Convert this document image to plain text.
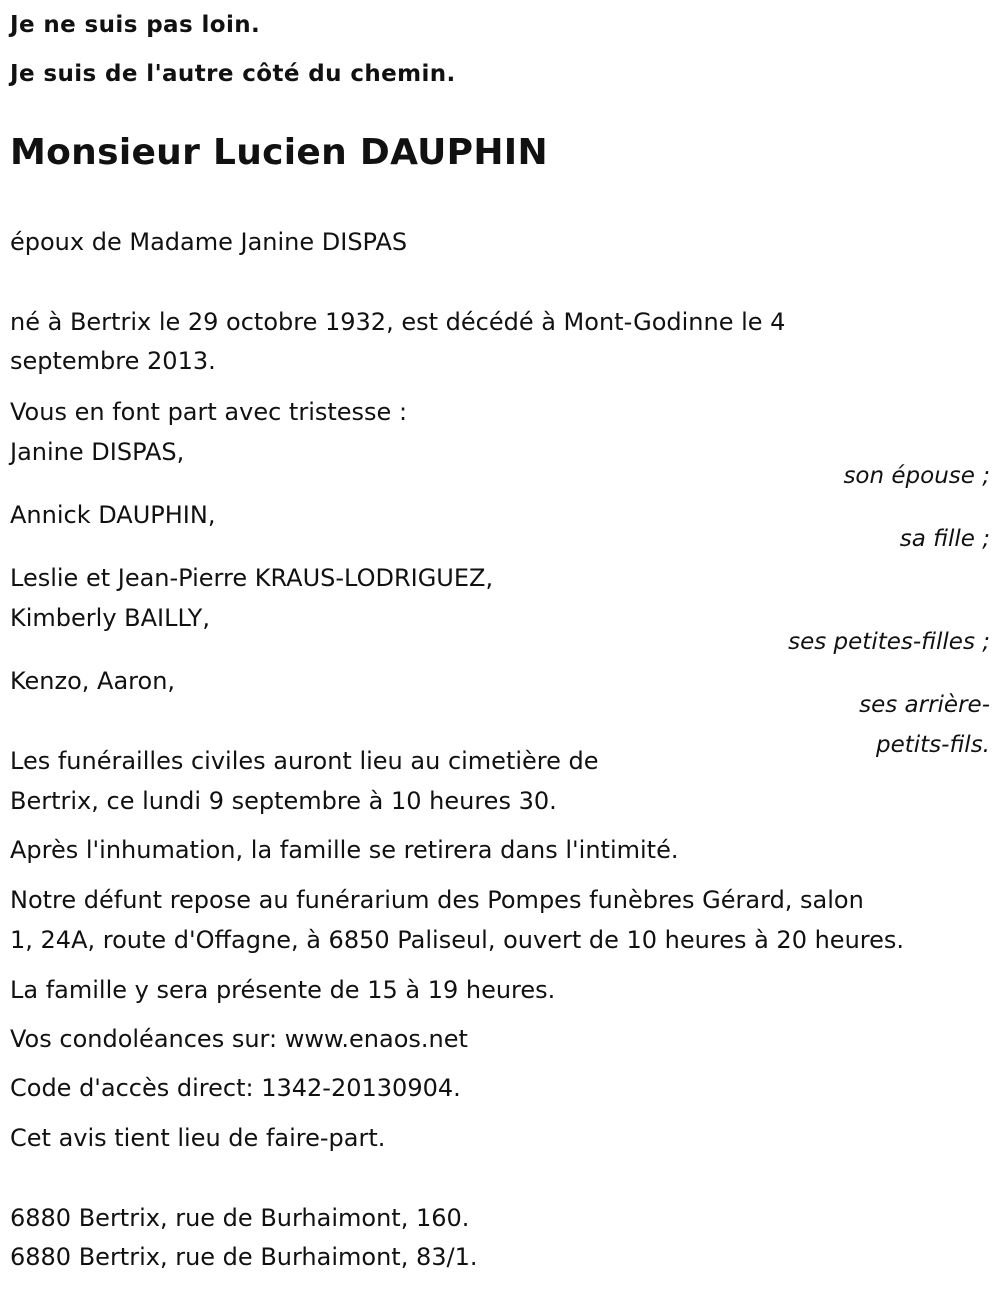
Je ne suis pas loin.
Je suis de l'autre côté du chemin.
Monsieur Lucien DAUPHIN
époux de Madame Janine DISPAS
né à Bertrix le 29 octobre 1932, est décédé à Mont-Godinne le 4
septembre 2013.
Vous en font part avec tristesse :
Janine DISPAS,
son épouse ;
Annick DAUPHIN,
sa fille ;
Leslie et Jean-Pierre KRAUS-LODRIGUEZ,
Kimberly BAILLY,
ses petites-filles ;
Kenzo, Aaron,
ses arrière-
petits-fils.
Les funérailles civiles auront lieu au cimetière de
Bertrix, ce lundi 9 septembre à 10 heures 30.
Après l'inhumation, la famille se retirera dans l'intimité.
Notre défunt repose au funérarium des Pompes funèbres Gérard, salon
1, 24A, route d'Offagne, à 6850 Paliseul, ouvert de 10 heures à 20 heures.
La famille y sera présente de 15 à 19 heures.
Vos condoléances sur: www.enaos.net
Code d'accès direct: 1342-20130904.
Cet avis tient lieu de faire-part.
6880 Bertrix, rue de Burhaimont, 160.
6880 Bertrix, rue de Burhaimont, 83/1.
